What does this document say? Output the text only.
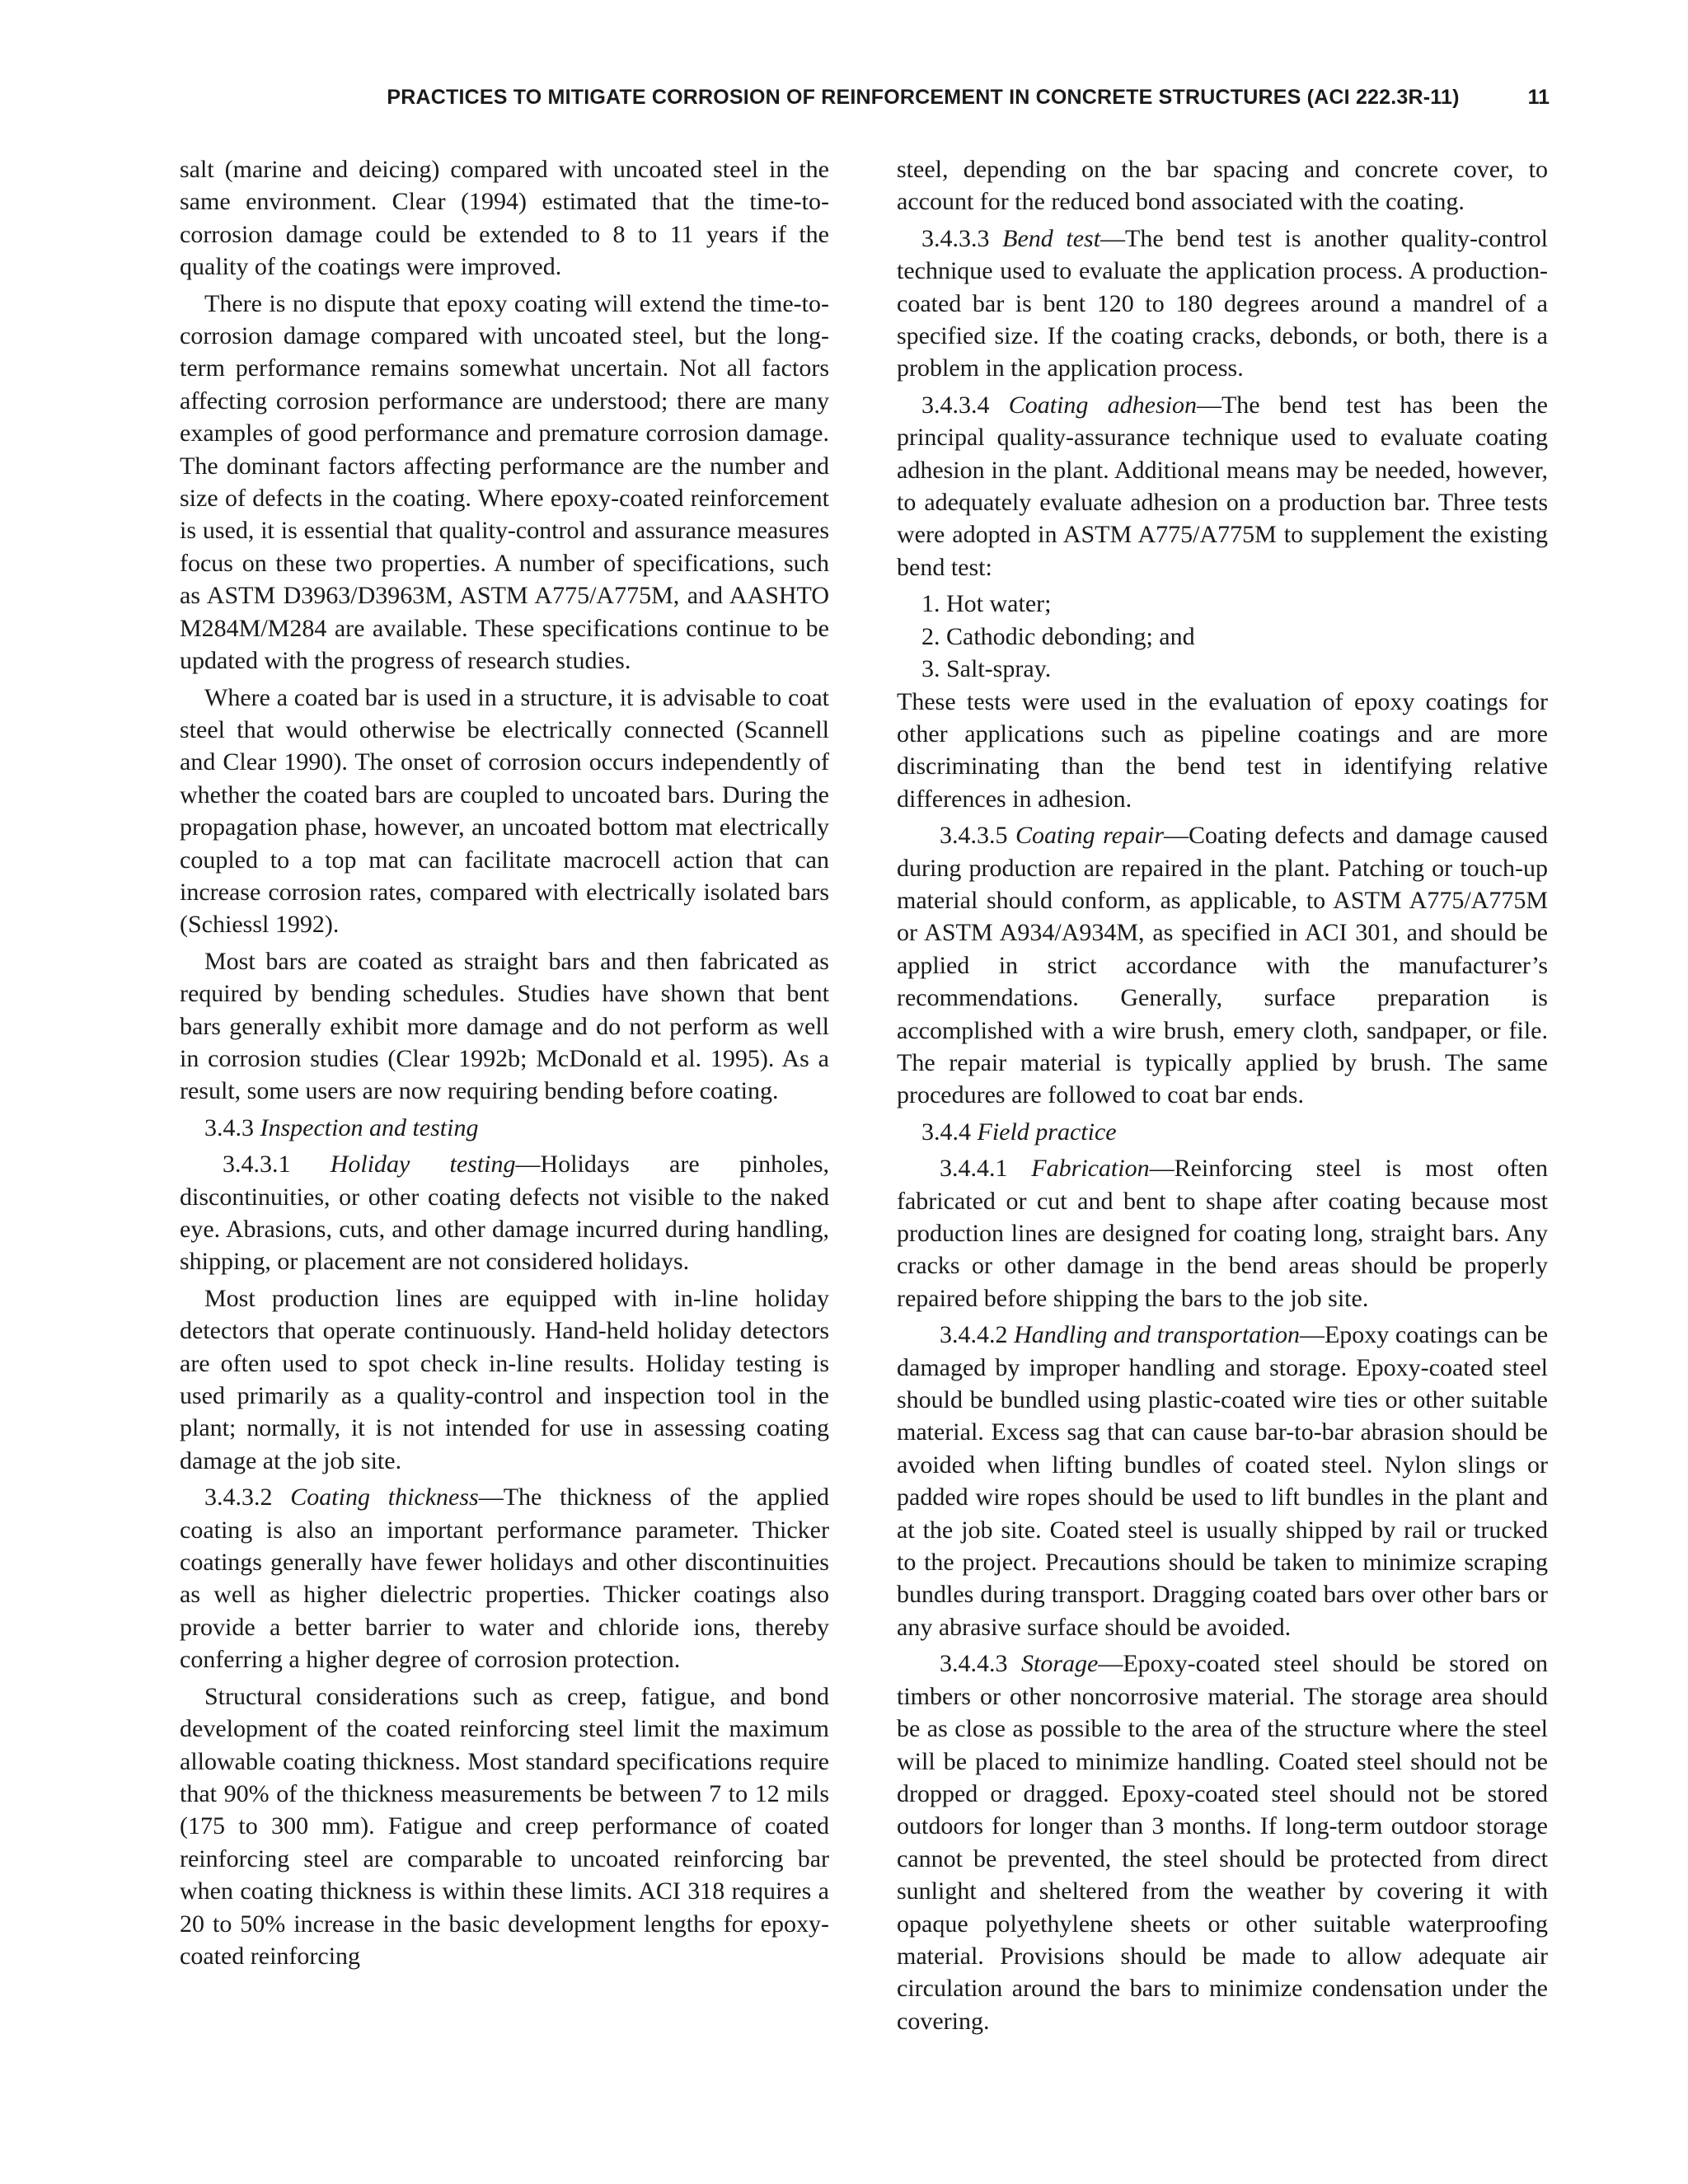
PRACTICES TO MITIGATE CORROSION OF REINFORCEMENT IN CONCRETE STRUCTURES (ACI 222.3R-11)	11

salt (marine and deicing) compared with uncoated steel in the same environment. Clear (1994) estimated that the time-to-corrosion damage could be extended to 8 to 11 years if the quality of the coatings were improved.

There is no dispute that epoxy coating will extend the time-to-corrosion damage compared with uncoated steel, but the long-term performance remains somewhat uncertain. Not all factors affecting corrosion performance are understood; there are many examples of good performance and premature corrosion damage. The dominant factors affecting performance are the number and size of defects in the coating. Where epoxy-coated reinforcement is used, it is essential that quality-control and assurance measures focus on these two properties. A number of specifications, such as ASTM D3963/D3963M, ASTM A775/A775M, and AASHTO M284M/M284 are available. These specifications continue to be updated with the progress of research studies.

Where a coated bar is used in a structure, it is advisable to coat steel that would otherwise be electrically connected (Scannell and Clear 1990). The onset of corrosion occurs independently of whether the coated bars are coupled to uncoated bars. During the propagation phase, however, an uncoated bottom mat electrically coupled to a top mat can facilitate macrocell action that can increase corrosion rates, compared with electrically isolated bars (Schiessl 1992).

Most bars are coated as straight bars and then fabricated as required by bending schedules. Studies have shown that bent bars generally exhibit more damage and do not perform as well in corrosion studies (Clear 1992b; McDonald et al. 1995). As a result, some users are now requiring bending before coating.

3.4.3 Inspection and testing

3.4.3.1 Holiday testing—Holidays are pinholes, discontinuities, or other coating defects not visible to the naked eye. Abrasions, cuts, and other damage incurred during handling, shipping, or placement are not considered holidays.

Most production lines are equipped with in-line holiday detectors that operate continuously. Hand-held holiday detectors are often used to spot check in-line results. Holiday testing is used primarily as a quality-control and inspection tool in the plant; normally, it is not intended for use in assessing coating damage at the job site.

3.4.3.2 Coating thickness—The thickness of the applied coating is also an important performance parameter. Thicker coatings generally have fewer holidays and other discontinuities as well as higher dielectric properties. Thicker coatings also provide a better barrier to water and chloride ions, thereby conferring a higher degree of corrosion protection.

Structural considerations such as creep, fatigue, and bond development of the coated reinforcing steel limit the maximum allowable coating thickness. Most standard specifications require that 90% of the thickness measurements be between 7 to 12 mils (175 to 300 mm). Fatigue and creep performance of coated reinforcing steel are comparable to uncoated reinforcing bar when coating thickness is within these limits. ACI 318 requires a 20 to 50% increase in the basic development lengths for epoxy-coated reinforcing

steel, depending on the bar spacing and concrete cover, to account for the reduced bond associated with the coating.

3.4.3.3 Bend test—The bend test is another quality-control technique used to evaluate the application process. A production-coated bar is bent 120 to 180 degrees around a mandrel of a specified size. If the coating cracks, debonds, or both, there is a problem in the application process.

3.4.3.4 Coating adhesion—The bend test has been the principal quality-assurance technique used to evaluate coating adhesion in the plant. Additional means may be needed, however, to adequately evaluate adhesion on a production bar. Three tests were adopted in ASTM A775/A775M to supplement the existing bend test:

1. Hot water;

2. Cathodic debonding; and

3. Salt-spray.

These tests were used in the evaluation of epoxy coatings for other applications such as pipeline coatings and are more discriminating than the bend test in identifying relative differences in adhesion.

3.4.3.5 Coating repair—Coating defects and damage caused during production are repaired in the plant. Patching or touch-up material should conform, as applicable, to ASTM A775/A775M or ASTM A934/A934M, as specified in ACI 301, and should be applied in strict accordance with the manufacturer’s recommendations. Generally, surface preparation is accomplished with a wire brush, emery cloth, sandpaper, or file. The repair material is typically applied by brush. The same procedures are followed to coat bar ends.

3.4.4 Field practice

3.4.4.1 Fabrication—Reinforcing steel is most often fabricated or cut and bent to shape after coating because most production lines are designed for coating long, straight bars. Any cracks or other damage in the bend areas should be properly repaired before shipping the bars to the job site.

3.4.4.2 Handling and transportation—Epoxy coatings can be damaged by improper handling and storage. Epoxy-coated steel should be bundled using plastic-coated wire ties or other suitable material. Excess sag that can cause bar-to-bar abrasion should be avoided when lifting bundles of coated steel. Nylon slings or padded wire ropes should be used to lift bundles in the plant and at the job site. Coated steel is usually shipped by rail or trucked to the project. Precautions should be taken to minimize scraping bundles during transport. Dragging coated bars over other bars or any abrasive surface should be avoided.

3.4.4.3 Storage—Epoxy-coated steel should be stored on timbers or other noncorrosive material. The storage area should be as close as possible to the area of the structure where the steel will be placed to minimize handling. Coated steel should not be dropped or dragged. Epoxy-coated steel should not be stored outdoors for longer than 3 months. If long-term outdoor storage cannot be prevented, the steel should be protected from direct sunlight and sheltered from the weather by covering it with opaque polyethylene sheets or other suitable waterproofing material. Provisions should be made to allow adequate air circulation around the bars to minimize condensation under the covering.
